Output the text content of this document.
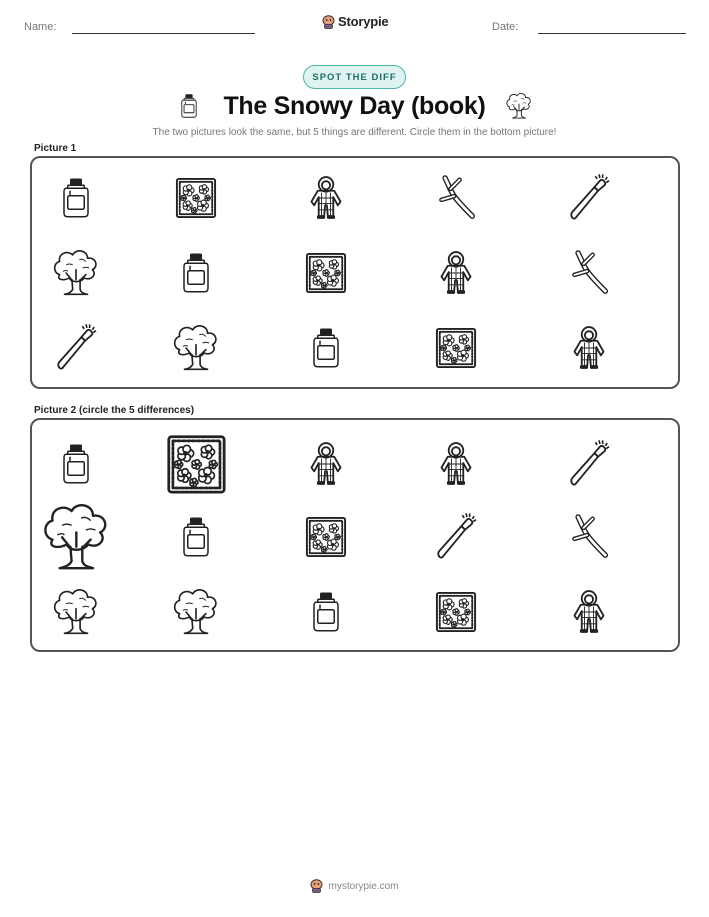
Name:	Storypie	Date:
SPOT THE DIFF
The Snowy Day (book)
The two pictures look the same, but 5 things are different. Circle them in the bottom picture!
Picture 1
Picture 2 (circle the 5 differences)
mystorypie.com
